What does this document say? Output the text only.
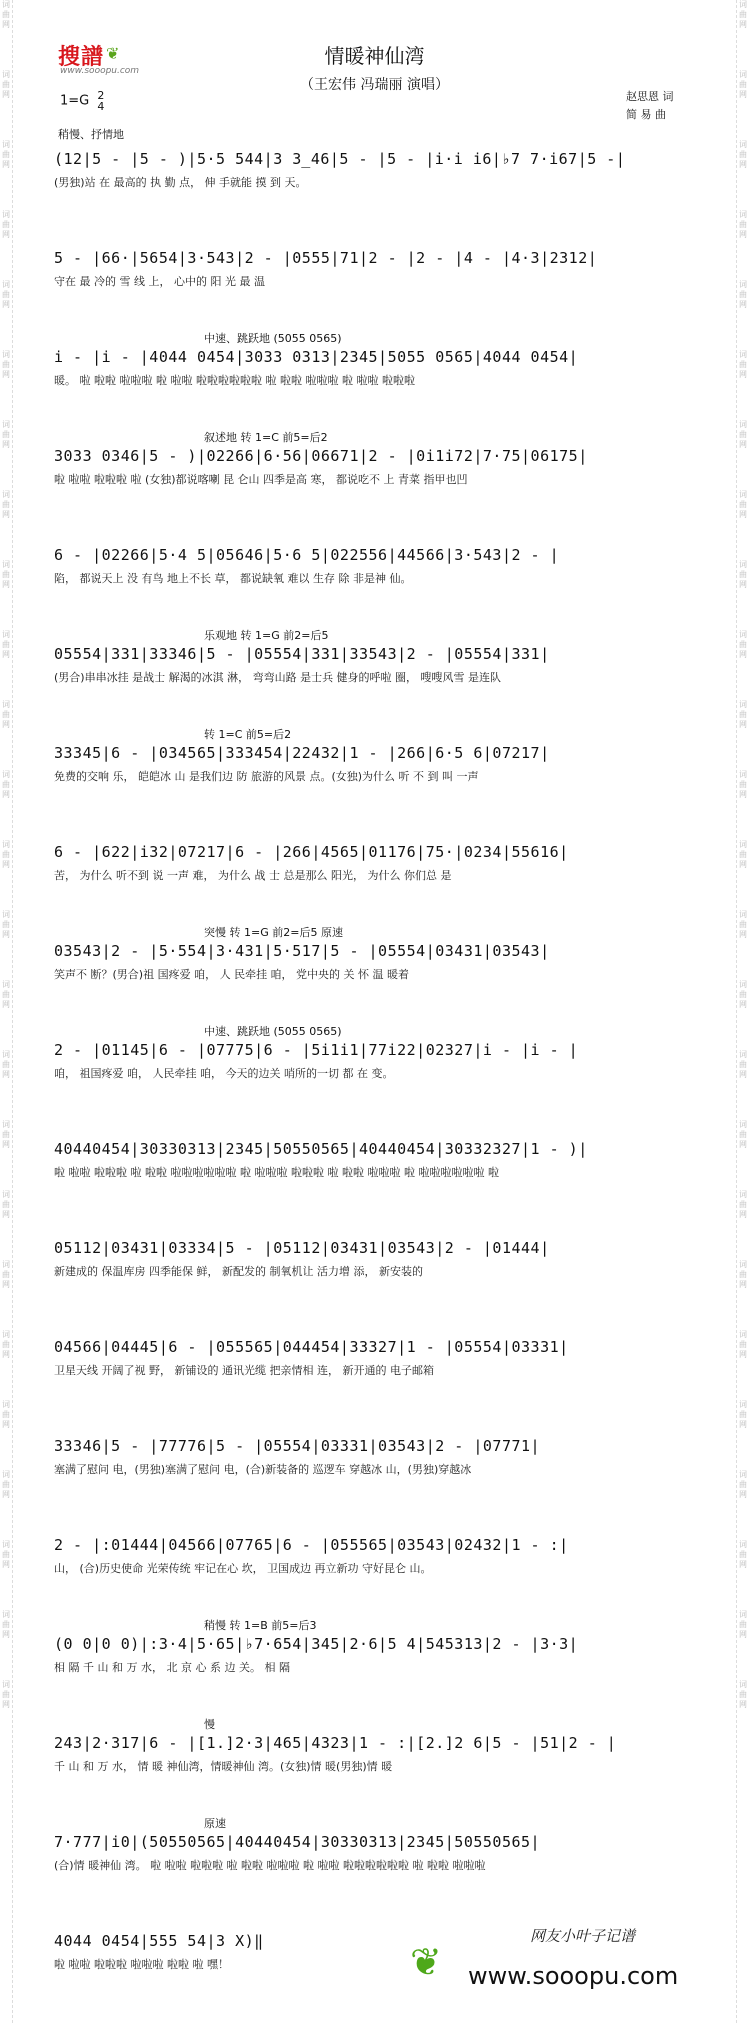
词曲网
词曲网
词曲网
词曲网
词曲网
词曲网
词曲网
词曲网
词曲网
词曲网
词曲网
词曲网
词曲网
词曲网
词曲网
词曲网
词曲网
词曲网
词曲网
词曲网
词曲网
词曲网
词曲网
词曲网
词曲网
词曲网
词曲网
词曲网
词曲网
词曲网
词曲网
词曲网
词曲网
词曲网
词曲网
词曲网
词曲网
词曲网
词曲网
词曲网
词曲网
词曲网
词曲网
词曲网
词曲网
词曲网
词曲网
词曲网
词曲网
词曲网
搜譜 ❦
www.sooopu.com
情暖神仙湾
（王宏伟 冯瑞丽 演唱）
赵思恩 词
简 易 曲
1=G 2
4
稍慢、抒情地
(12|5 - |5 - )|5·5 544|3 3̲46|5 - |5 - |i·i i6|♭7 7·i67|5 -|
(男独)站 在 最高的 执 勤 点， 伸 手就能 摸 到 天。
5 - |66·|5654|3·543|2 - |0555|71|2 - |2 - |4 - |4·3|2312|
守在 最 冷的 雪 线 上， 心中的 阳 光 最 温
中速、跳跃地 (5055 0565)
i - |i - |4044 0454|3033 0313|2345|5055 0565|4044 0454|
暖。 啦 啦啦 啦啦啦 啦 啦啦 啦啦啦啦啦啦 啦 啦啦 啦啦啦 啦 啦啦 啦啦啦
叙述地 转 1=C 前5=后2
3033 0346|5 - )|02266|6·56|06671|2 - |0i1i72|7·75|06175|
啦 啦啦 啦啦啦 啦 (女独)都说喀喇 昆 仑山 四季是高 寒， 都说吃不 上 青菜 指甲也凹
6 - |02266|5·4 5|05646|5·6 5|022556|44566|3·543|2 - |
陷， 都说天上 没 有鸟 地上不长 草， 都说缺氧 难以 生存 除 非是神 仙。
乐观地 转 1=G 前2=后5
05554|331|33346|5 - |05554|331|33543|2 - |05554|331|
(男合)串串冰挂 是战士 解渴的冰淇 淋， 弯弯山路 是士兵 健身的呼啦 圈， 嗖嗖风雪 是连队
转 1=C 前5=后2
33345|6 - |034565|333454|22432|1 - |266|6·5 6|07217|
免费的交响 乐， 皑皑冰 山 是我们边 防 旅游的风景 点。(女独)为什么 听 不 到 叫 一声
6 - |622|i32|07217|6 - |266|4565|01176|75·|0234|55616|
苦， 为什么 听不到 说 一声 难， 为什么 战 士 总是那么 阳光， 为什么 你们总 是
突慢 转 1=G 前2=后5 原速
03543|2 - |5·554|3·431|5·517|5 - |05554|03431|03543|
笑声不 断？(男合)祖 国疼爱 咱， 人 民牵挂 咱， 党中央的 关 怀 温 暖着
中速、跳跃地 (5055 0565)
2 - |01145|6 - |07775|6 - |5i1i1|77i22|02327|i - |i - |
咱， 祖国疼爱 咱， 人民牵挂 咱， 今天的边关 哨所的一切 都 在 变。
40440454|30330313|2345|50550565|40440454|30332327|1 - )|
啦 啦啦 啦啦啦 啦 啦啦 啦啦啦啦啦啦 啦 啦啦啦 啦啦啦 啦 啦啦 啦啦啦 啦 啦啦啦啦啦啦 啦
05112|03431|03334|5 - |05112|03431|03543|2 - |01444|
新建成的 保温库房 四季能保 鲜， 新配发的 制氧机让 活力增 添， 新安装的
04566|04445|6 - |055565|044454|33327|1 - |05554|03331|
卫星天线 开阔了视 野， 新铺设的 通讯光缆 把亲情相 连， 新开通的 电子邮箱
33346|5 - |77776|5 - |05554|03331|03543|2 - |07771|
塞满了慰问 电，(男独)塞满了慰问 电，(合)新装备的 巡逻车 穿越冰 山，(男独)穿越冰
2 - |:01444|04566|07765|6 - |055565|03543|02432|1 - :|
山， (合)历史使命 光荣传统 牢记在心 坎， 卫国成边 再立新功 守好昆仑 山。
稍慢 转 1=B 前5=后3
(0 0|0 0)|:3·4|5·65|♭7·654|345|2·6|5 4|545313|2 - |3·3|
相 隔 千 山 和 万 水， 北 京 心 系 边 关。 相 隔
慢
243|2·317|6 - |[1.]2·3|465|4323|1 - :|[2.]2 6|5 - |51|2 - |
千 山 和 万 水， 情 暖 神仙湾，情暖神仙 湾。(女独)情 暖(男独)情 暖
原速
7·777|i0|(50550565|40440454|30330313|2345|50550565|
(合)情 暖神仙 湾。 啦 啦啦 啦啦啦 啦 啦啦 啦啦啦 啦 啦啦 啦啦啦啦啦啦 啦 啦啦 啦啦啦
4044 0454|555 54|3 X)‖
啦 啦啦 啦啦啦 啦啦啦 啦啦 啦 嘿！
网友小叶子记谱
❦ www.sooopu.com
